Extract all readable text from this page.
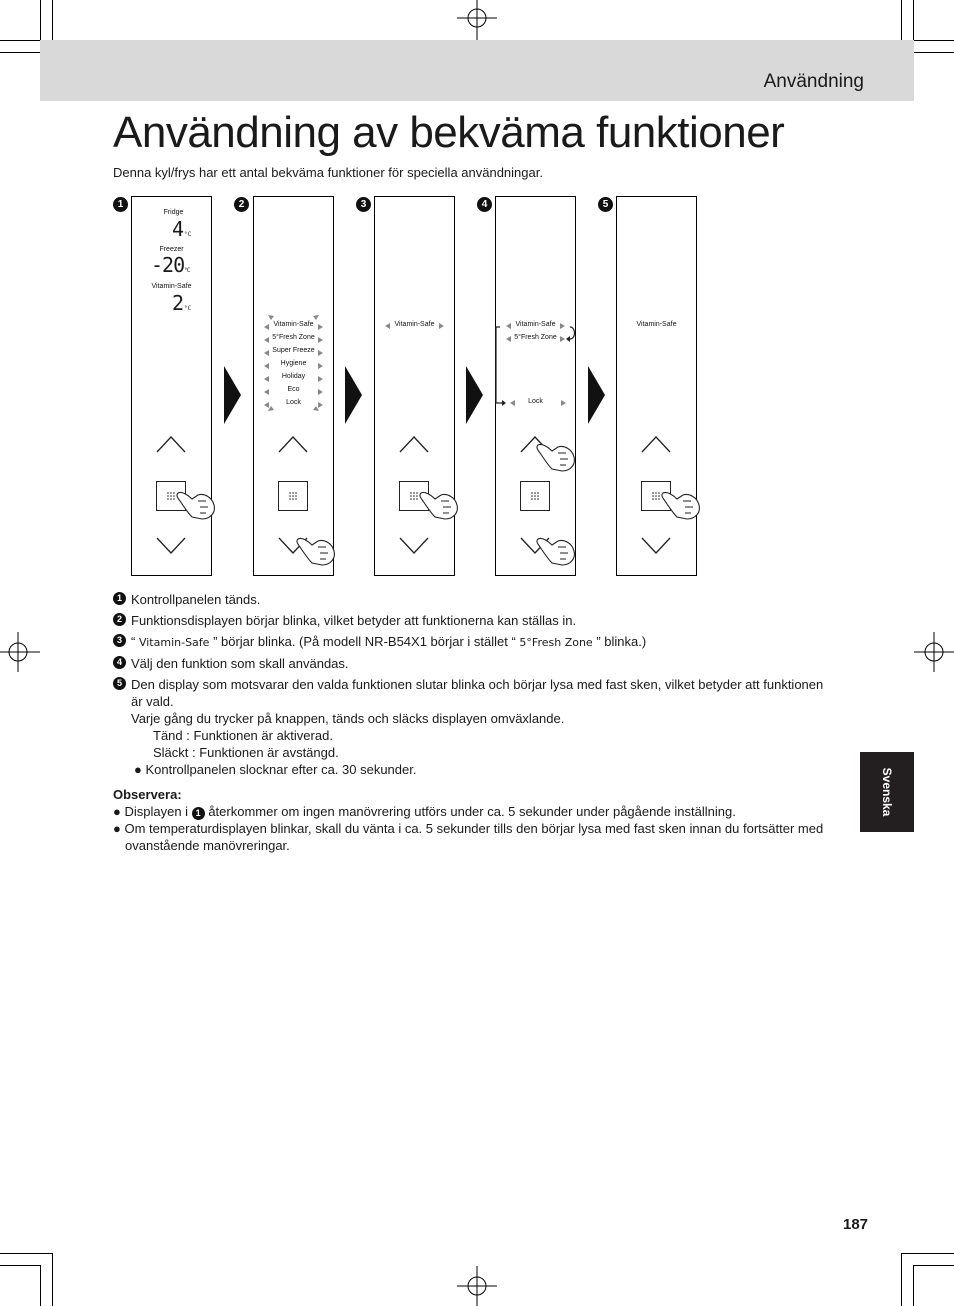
Användning
Användning av bekväma funktioner
Denna kyl/frys har ett antal bekväma funktioner för speciella användningar.
1	2	3	4	5
Fridge
4°C
Freezer
-20°C
Vitamin-Safe
2°C
Vitamin-Safe
5°Fresh Zone
Super Freeze
Hygiene
Holiday
Eco
Lock
Vitamin-Safe	Vitamin-Safe
5°Fresh Zone
Lock
Vitamin-Safe
1 Kontrollpanelen tänds.
2 Funktionsdisplayen börjar blinka, vilket betyder att funktionerna kan ställas in.
3 “ Vitamin-Safe ” börjar blinka. (På modell NR-B54X1 börjar i stället “ 5°Fresh Zone ” blinka.)
4 Välj den funktion som skall användas.
5 Den display som motsvarar den valda funktionen slutar blinka och börjar lysa med fast sken, vilket betyder att funktionen är vald.
Varje gång du trycker på knappen, tänds och släcks displayen omväxlande.
Tänd : Funktionen är aktiverad.
Släckt : Funktionen är avstängd.
● Kontrollpanelen slocknar efter ca. 30 sekunder.
Observera:
● Displayen i 1 återkommer om ingen manövrering utförs under ca. 5 sekunder under pågående inställning.
● Om temperaturdisplayen blinkar, skall du vänta i ca. 5 sekunder tills den börjar lysa med fast sken innan du fortsätter med ovanstående manövreringar.
Svenska
187
